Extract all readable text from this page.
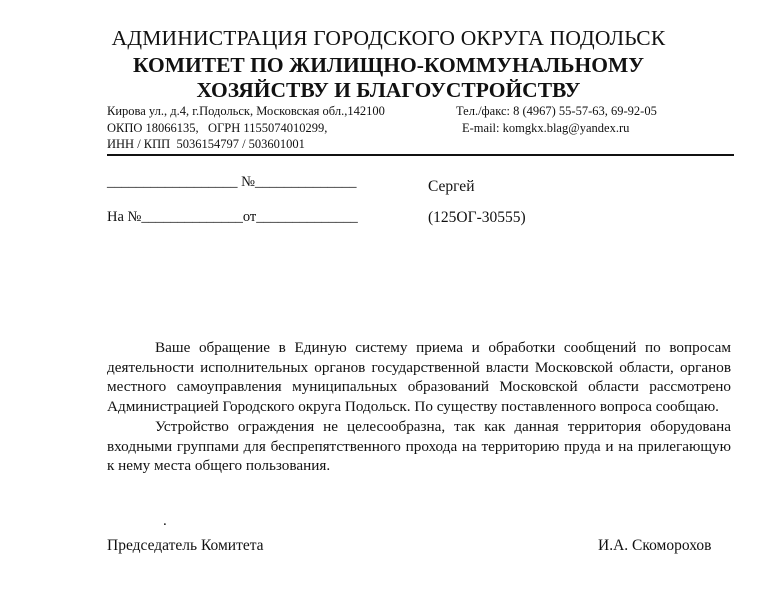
АДМИНИСТРАЦИЯ ГОРОДСКОГО ОКРУГА ПОДОЛЬСК
КОМИТЕТ ПО ЖИЛИЩНО-КОММУНАЛЬНОМУ
ХОЗЯЙСТВУ И БЛАГОУСТРОЙСТВУ
Кирова ул., д.4, г.Подольск, Московская обл.,142100	Тел./факс: 8 (4967) 55-57-63, 69-92-05
ОКПО 18066135,   ОГРН 1155074010299,	E-mail: komgkx.blag@yandex.ru
ИНН / КПП  5036154797 / 503601001
__________________ №______________
На №______________от______________
Сергей
(125ОГ-30555)

Ваше обращение в Единую систему приема и обработки сообщений по вопросам деятельности исполнительных органов государственной власти Московской области, органов местного самоуправления муниципальных образований Московской области рассмотрено Администрацией Городского округа Подольск. По существу поставленного вопроса сообщаю.

Устройство ограждения не целесообразна, так как данная территория оборудована входными группами для беспрепятственного прохода на территорию пруда и на прилегающую к нему места общего пользования.

.
Председатель Комитета	И.А. Скоморохов
